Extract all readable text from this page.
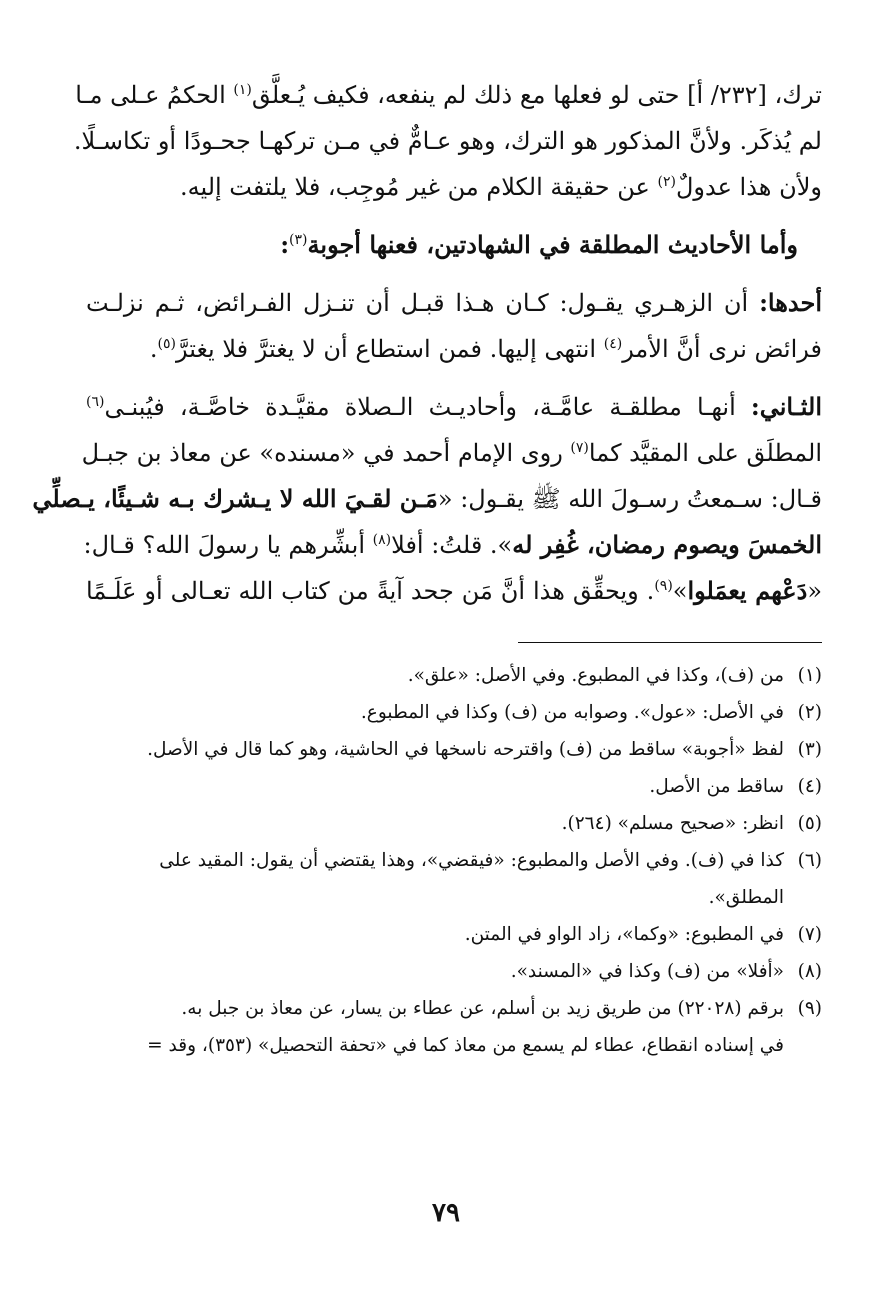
ترك، [٢٣٢/ أ] حتى لو فعلها مع ذلك لم ينفعه، فكيف يُـعلَّق$^{(١)}$ الحكمُ عـلى مـا

لم يُذكَر. ولأنَّ المذكور هو الترك، وهو عـامٌّ في مـن تركهـا جحـودًا أو تكاسـلًا.

ولأن هذا عدولٌ$^{(٢)}$ عن حقيقة الكلام من غير مُوجِب، فلا يلتفت إليه.

وأما الأحاديث المطلقة في الشهادتين، فعنها أجوبة$^{(٣)}$:

أحدها: أن الزهـري يقـول: كـان هـذا قبـل أن تنـزل الفـرائض، ثـم نزلـت

فرائض نرى أنَّ الأمر$^{(٤)}$ انتهى إليها. فمن استطاع أن لا يغترَّ فلا يغترَّ$^{(٥)}$.

الثـاني: أنهـا مطلقـة عامَّـة، وأحاديـث الـصلاة مقيَّـدة خاصَّـة، فيُبنـى$^{(٦)}$

المطلَق على المقيَّد كما$^{(٧)}$ روى الإمام أحمد في «مسنده» عن معاذ بن جبـل

قـال: سـمعتُ رسـولَ الله ﷺ يقـول: «مَـن لقـيَ الله لا يـشرك بـه شـيئًا، يـصلِّي

الخمسَ ويصوم رمضان، غُفِر له». قلتُ: أفلا$^{(٨)}$ أبشِّرهم يا رسولَ الله؟ قـال:

«دَعْهم يعمَلوا»$^{(٩)}$. ويحقِّق هذا أنَّ مَن جحد آيةً من كتاب الله تعـالى أو عَلَـمًا

(١)
من (ف)، وكذا في المطبوع. وفي الأصل: «علق».
(٢)
في الأصل: «عول». وصوابه من (ف) وكذا في المطبوع.
(٣)
لفظ «أجوبة» ساقط من (ف) واقترحه ناسخها في الحاشية، وهو كما قال في الأصل.
(٤)
ساقط من الأصل.
(٥)
انظر: «صحيح مسلم» (٢٦٤).
(٦)
كذا في (ف). وفي الأصل والمطبوع: «فيقضي»، وهذا يقتضي أن يقول: المقيد على
المطلق».
(٧)
في المطبوع: «وكما»، زاد الواو في المتن.
(٨)
«أفلا» من (ف) وكذا في «المسند».
(٩)
برقم (٢٢٠٢٨) من طريق زيد بن أسلم، عن عطاء بن يسار، عن معاذ بن جبل به.
في إسناده انقطاع، عطاء لم يسمع من معاذ كما في «تحفة التحصيل» (٣٥٣)، وقد =
٧٩
